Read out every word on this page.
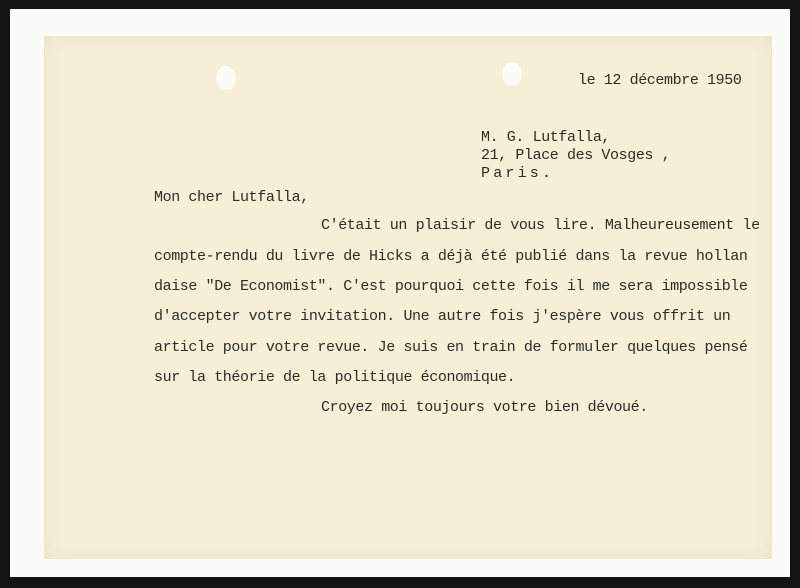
le 12 décembre 1950
M. G. Lutfalla,
21, Place des Vosges ,
Paris.
Mon cher Lutfalla,
C'était un plaisir de vous lire. Malheureusement le
compte-rendu du livre de Hicks a déjà été publié dans la revue hollan
daise "De Economist". C'est pourquoi cette fois il me sera impossible
d'accepter votre invitation. Une autre fois j'espère vous offrit un
article pour votre revue. Je suis en train de formuler quelques pensé
sur la théorie de la politique économique.
Croyez moi toujours votre bien dévoué.
